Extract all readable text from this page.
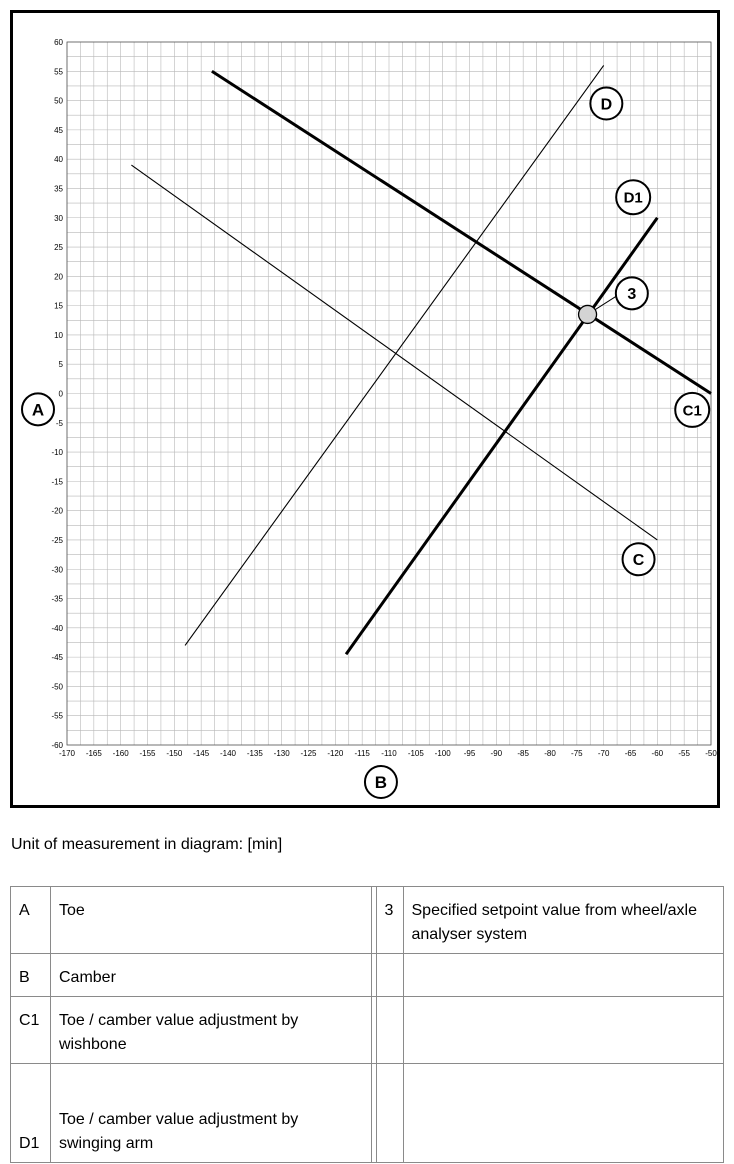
-170 -165 -160 -155 -150 -145 -140 -135 -130 -125 -120 -115 -110 -105 -100 -95 -90 -85 -80 -75 -70 -65 -60 -55 -50
60
55
50
45
40
35
30
25
20
15
10
5
0
-5
-10
-15
-20
-25
-30
-35
-40
-45
-50
-55
-60
C1
C
D
D1
3
A
B
Unit of measurement in diagram: [min]
A	Toe		3	Specified setpoint value from wheel/axle analyser system
B	Camber			
C1	Toe / camber value adjustment by wishbone			
D1	Toe / camber value adjustment by swinging arm			
